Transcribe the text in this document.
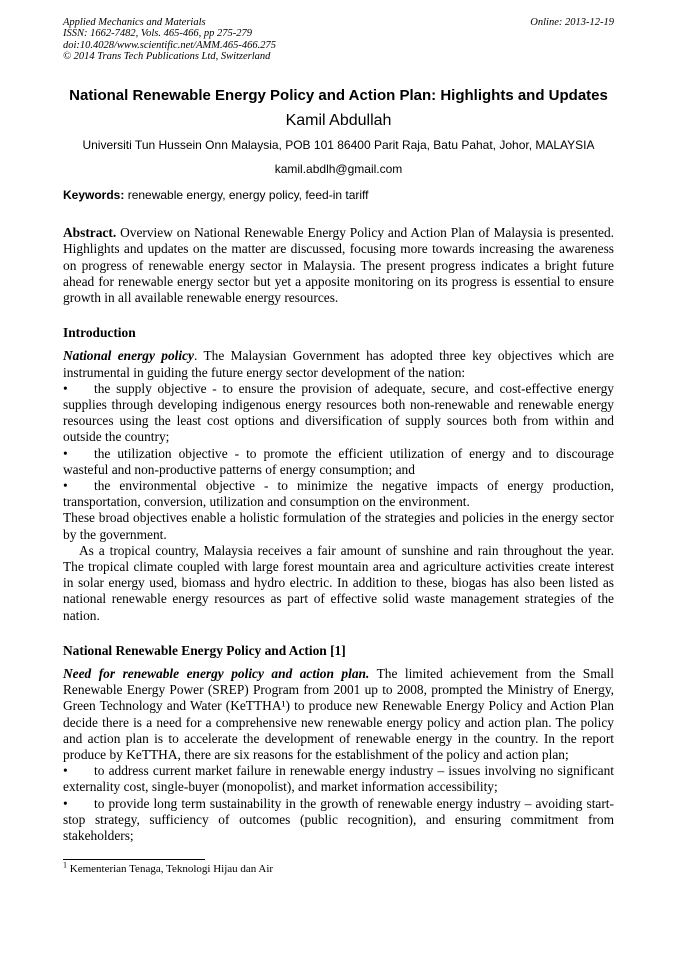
Applied Mechanics and Materials
ISSN: 1662-7482, Vols. 465-466, pp 275-279
doi:10.4028/www.scientific.net/AMM.465-466.275
© 2014 Trans Tech Publications Ltd, Switzerland
Online: 2013-12-19
National Renewable Energy Policy and Action Plan: Highlights and Updates
Kamil Abdullah
Universiti Tun Hussein Onn Malaysia, POB 101 86400 Parit Raja, Batu Pahat, Johor, MALAYSIA
kamil.abdlh@gmail.com
Keywords: renewable energy, energy policy, feed-in tariff

Abstract. Overview on National Renewable Energy Policy and Action Plan of Malaysia is presented. Highlights and updates on the matter are discussed, focusing more towards increasing the awareness on progress of renewable energy sector in Malaysia. The present progress indicates a bright future ahead for renewable energy sector but yet a apposite monitoring on its progress is essential to ensure growth in all available renewable energy resources.

Introduction

National energy policy. The Malaysian Government has adopted three key objectives which are instrumental in guiding the future energy sector development of the nation:

• the supply objective - to ensure the provision of adequate, secure, and cost-effective energy supplies through developing indigenous energy resources both non-renewable and renewable energy resources using the least cost options and diversification of supply sources both from within and outside the country;

• the utilization objective - to promote the efficient utilization of energy and to discourage wasteful and non-productive patterns of energy consumption; and

• the environmental objective - to minimize the negative impacts of energy production, transportation, conversion, utilization and consumption on the environment.

These broad objectives enable a holistic formulation of the strategies and policies in the energy sector by the government.

As a tropical country, Malaysia receives a fair amount of sunshine and rain throughout the year. The tropical climate coupled with large forest mountain area and agriculture activities create interest in solar energy used, biomass and hydro electric. In addition to these, biogas has also been listed as national renewable energy resources as part of effective solid waste management strategies of the nation.

National Renewable Energy Policy and Action [1]

Need for renewable energy policy and action plan. The limited achievement from the Small Renewable Energy Power (SREP) Program from 2001 up to 2008, prompted the Ministry of Energy, Green Technology and Water (KeTTHA¹) to produce new Renewable Energy Policy and Action Plan decide there is a need for a comprehensive new renewable energy policy and action plan. The policy and action plan is to accelerate the development of renewable energy in the country. In the report produce by KeTTHA, there are six reasons for the establishment of the policy and action plan;

• to address current market failure in renewable energy industry – issues involving no significant externality cost, single-buyer (monopolist), and market information accessibility;

• to provide long term sustainability in the growth of renewable energy industry – avoiding start-stop strategy, sufficiency of outcomes (public recognition), and ensuring commitment from stakeholders;

$^1$ Kementerian Tenaga, Teknologi Hijau dan Air
